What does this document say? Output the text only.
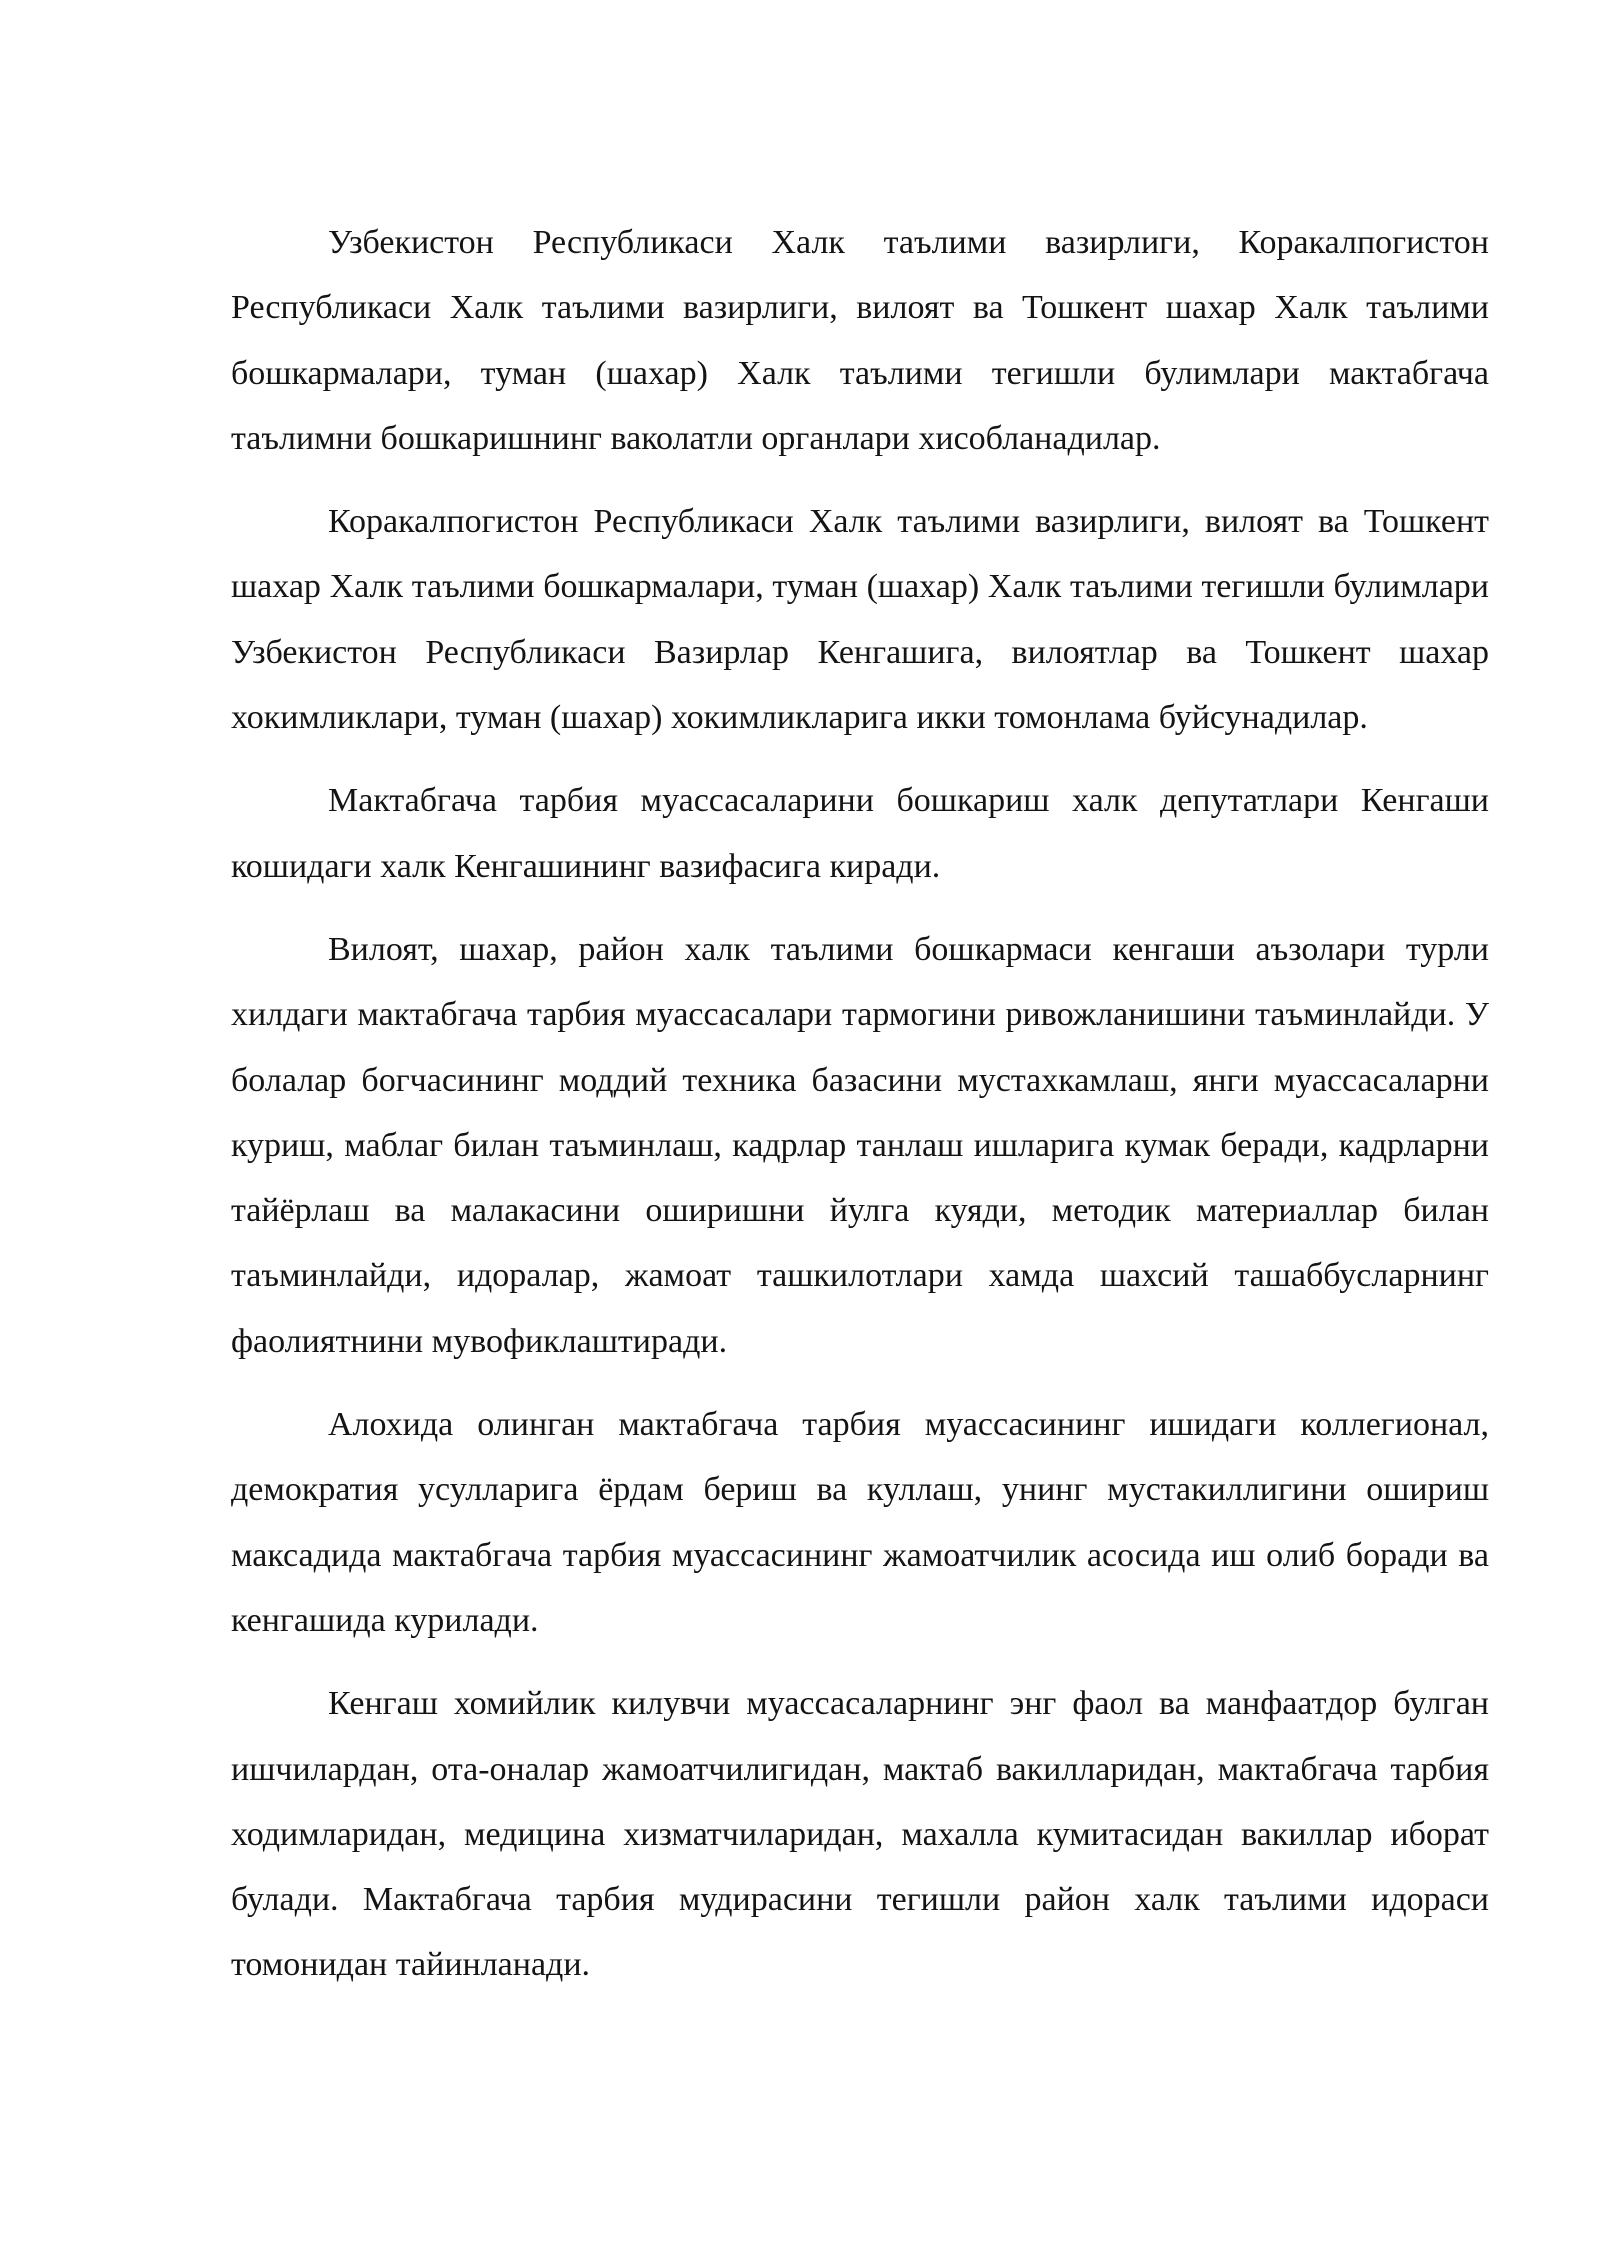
Узбекистон Республикаси Халк таълими вазирлиги, Коракалпогистон Республикаси Халк таълими вазирлиги, вилоят ва Тошкент шахар Халк таълими бошкармалари, туман (шахар) Халк таълими тегишли булимлари мактабгача таълимни бошкаришнинг ваколатли органлари хисобланадилар.

Коракалпогистон Республикаси Халк таълими вазирлиги, вилоят ва Тошкент шахар Халк таълими бошкармалари, туман (шахар) Халк таълими тегишли булимлари Узбекистон Республикаси Вазирлар Кенгашига, вилоятлар ва Тошкент шахар хокимликлари, туман (шахар) хокимликларига икки томонлама буйсунадилар.

Мактабгача тарбия муассасаларини бошкариш халк депутатлари Кенгаши кошидаги халк Кенгашининг вазифасига киради.

Вилоят, шахар, район халк таълими бошкармаси кенгаши аъзолари турли хилдаги мактабгача тарбия муассасалари тармогини ривожланишини таъминлайди. У болалар богчасининг моддий техника базасини мустахкамлаш, янги муассасаларни куриш, маблаг билан таъминлаш, кадрлар танлаш ишларига кумак беради, кадрларни тайёрлаш ва малакасини оширишни йулга куяди, методик материаллар билан таъминлайди, идоралар, жамоат ташкилотлари хамда шахсий ташаббусларнинг фаолиятнини мувофиклаштиради.

Алохида олинган мактабгача тарбия муассасининг ишидаги коллегионал, демократия усулларига ёрдам бериш ва куллаш, унинг мустакиллигини ошириш максадида мактабгача тарбия муассасининг жамоатчилик асосида иш олиб боради ва кенгашида курилади.

Кенгаш хомийлик килувчи муассасаларнинг энг фаол ва манфаатдор булган ишчилардан, ота-оналар жамоатчилигидан, мактаб вакилларидан, мактабгача тарбия ходимларидан, медицина хизматчиларидан, махалла кумитасидан вакиллар иборат булади. Мактабгача тарбия мудирасини тегишли район халк таълими идораси томонидан тайинланади.
